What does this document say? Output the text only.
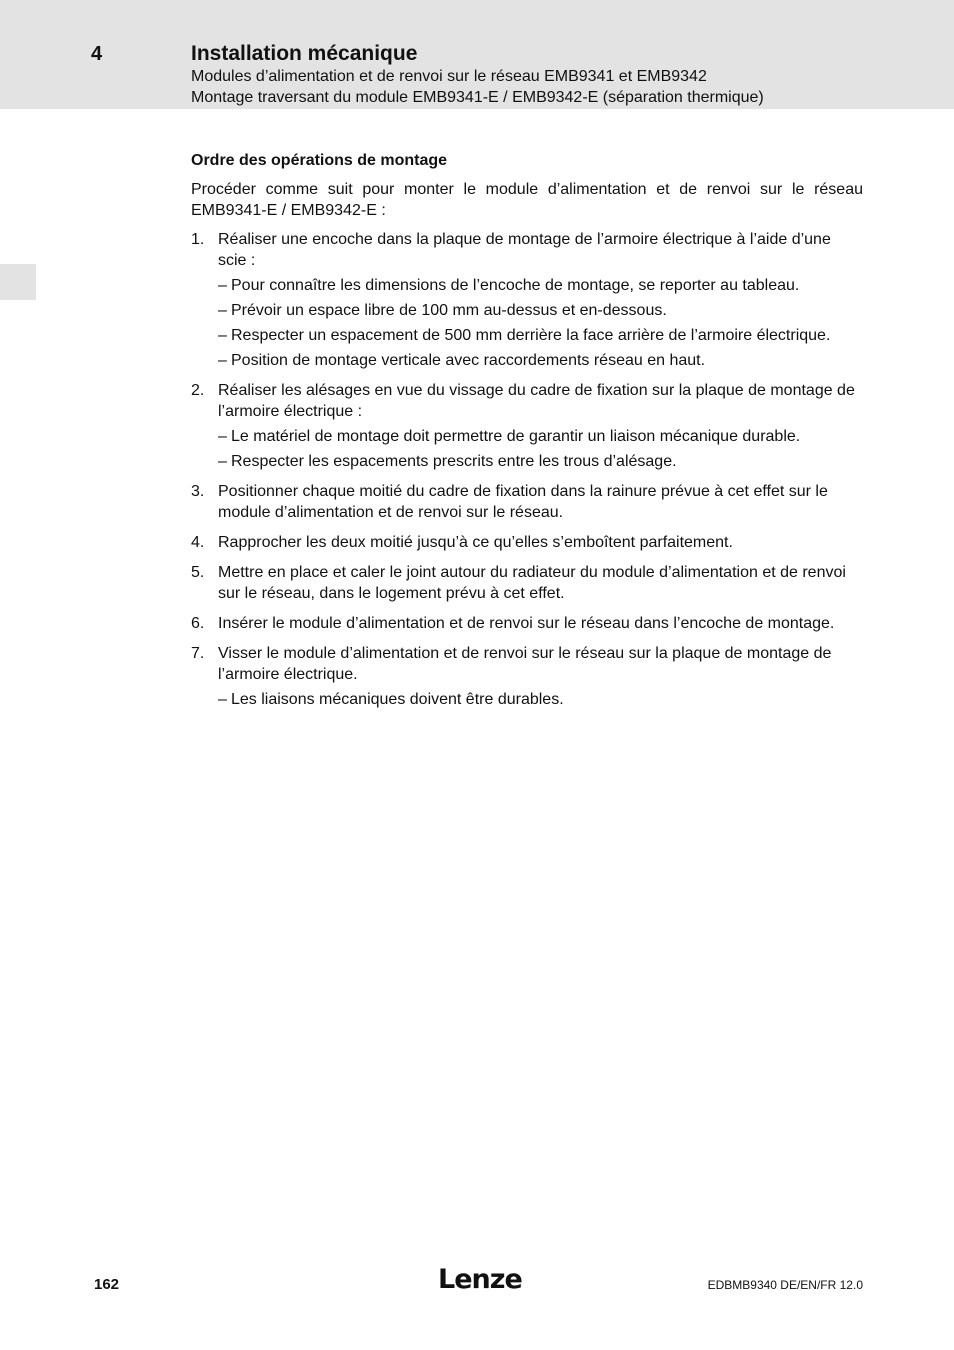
4	Installation mécanique
Modules d’alimentation et de renvoi sur le réseau EMB9341 et EMB9342
Montage traversant du module EMB9341-E / EMB9342-E (séparation thermique)
Ordre des opérations de montage

Procéder comme suit pour monter le module d’alimentation et de renvoi sur le réseau EMB9341-E / EMB9342-E :

1. Réaliser une encoche dans la plaque de montage de l’armoire électrique à l’aide d’une scie :
– Pour connaître les dimensions de l’encoche de montage, se reporter au tableau.
– Prévoir un espace libre de 100 mm au-dessus et en-dessous.
– Respecter un espacement de 500 mm derrière la face arrière de l’armoire électrique.
– Position de montage verticale avec raccordements réseau en haut.
2. Réaliser les alésages en vue du vissage du cadre de fixation sur la plaque de montage de l’armoire électrique :
– Le matériel de montage doit permettre de garantir un liaison mécanique durable.
– Respecter les espacements prescrits entre les trous d’alésage.
3. Positionner chaque moitié du cadre de fixation dans la rainure prévue à cet effet sur le module d’alimentation et de renvoi sur le réseau.
4. Rapprocher les deux moitié jusqu’à ce qu’elles s’emboîtent parfaitement.
5. Mettre en place et caler le joint autour du radiateur du module d’alimentation et de renvoi sur le réseau, dans le logement prévu à cet effet.
6. Insérer le module d’alimentation et de renvoi sur le réseau dans l’encoche de montage.
7. Visser le module d’alimentation et de renvoi sur le réseau sur la plaque de montage de l’armoire électrique.
– Les liaisons mécaniques doivent être durables.
162	Lenze	EDBMB9340 DE/EN/FR 12.0
